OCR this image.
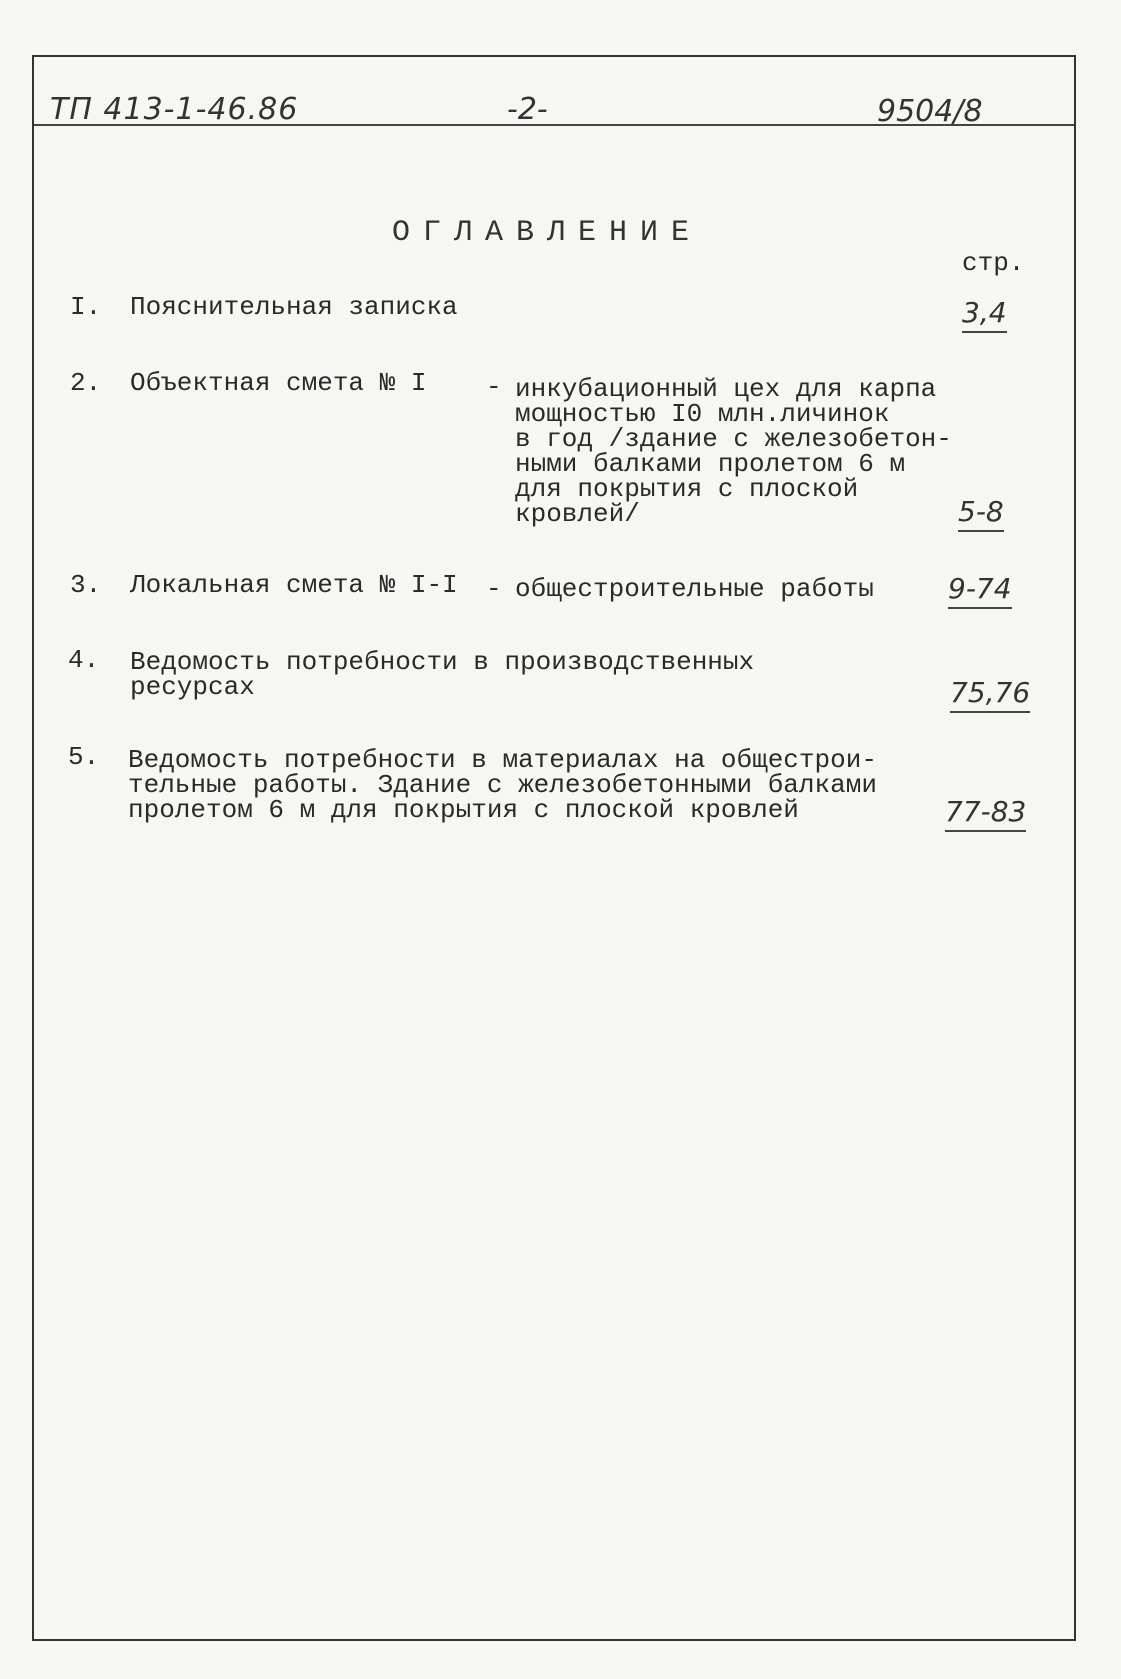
ТП 413-1-46.86	-2-	9504/8
ОГЛАВЛЕНИЕ
стр.
I. Пояснительная записка	3,4
2. Объектная смета № I - инкубационный цех для карпа
мощностью I0 млн.личинок
в год /здание с железобетон-
ными балками пролетом 6 м
для покрытия с плоской
кровлей/	5-8
3. Локальная смета № I-I - общестроительные работы	9-74
4. Ведомость потребности в производственных
ресурсах	75,76
5. Ведомость потребности в материалах на общестрои-
тельные работы. Здание с железобетонными балками
пролетом 6 м для покрытия с плоской кровлей	77-83
